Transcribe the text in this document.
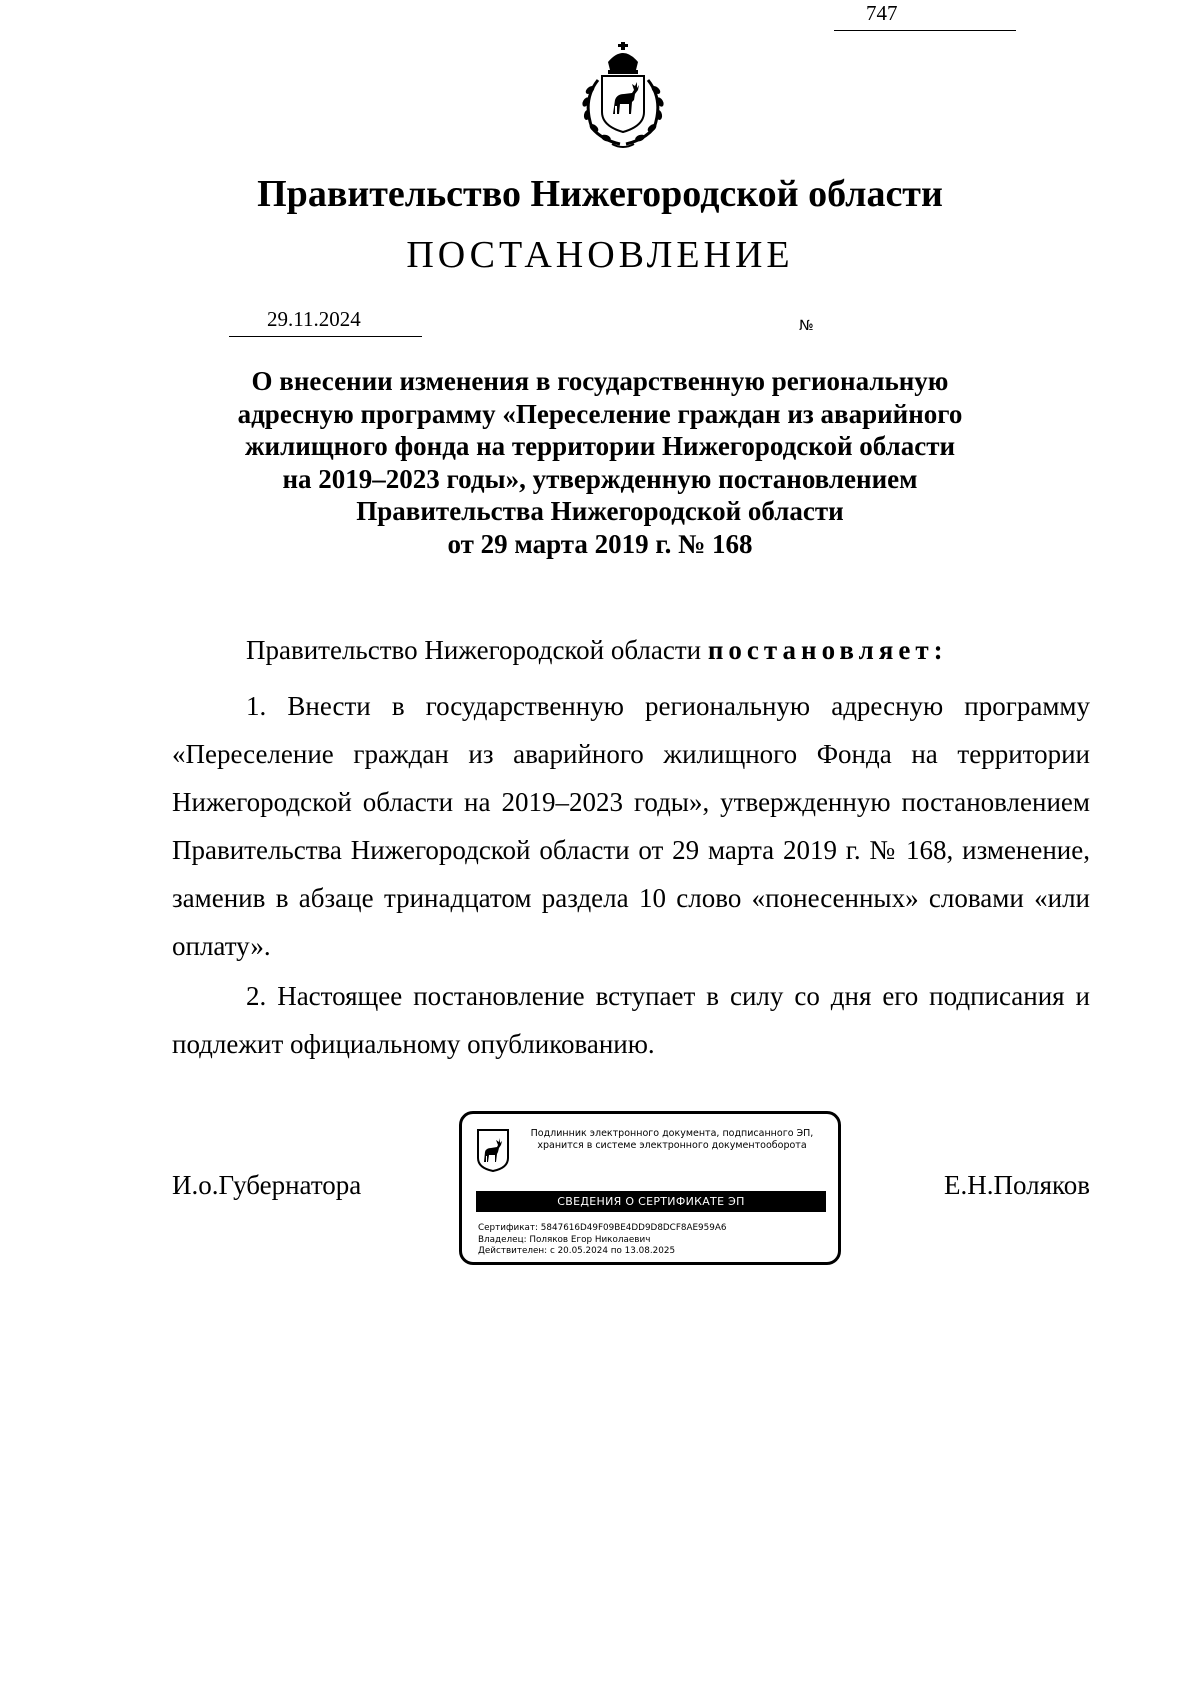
Правительство Нижегородской области
ПОСТАНОВЛЕНИЕ
29.11.2024	№
747
О внесении изменения в государственную региональную
адресную программу «Переселение граждан из аварийного
жилищного фонда на территории Нижегородской области
на 2019–2023 годы», утвержденную постановлением
Правительства Нижегородской области
от 29 марта 2019 г. № 168
Правительство Нижегородской области постановляет:
1. Внести в государственную региональную адресную программу «Переселение граждан из аварийного жилищного Фонда на территории Нижегородской области на 2019–2023 годы», утвержденную постановлением Правительства Нижегородской области от 29 марта 2019 г. № 168, изменение, заменив в абзаце тринадцатом раздела 10 слово «понесенных» словами «или оплату».
2. Настоящее постановление вступает в силу со дня его подписания и подлежит официальному опубликованию.
И.о.Губернатора	Е.Н.Поляков
Подлинник электронного документа, подписанного ЭП,
хранится в системе электронного документооборота
СВЕДЕНИЯ О СЕРТИФИКАТЕ ЭП
Сертификат: 5847616D49F09BE4DD9D8DCF8AE959A6
Владелец: Поляков Егор Николаевич
Действителен: с 20.05.2024 по 13.08.2025
